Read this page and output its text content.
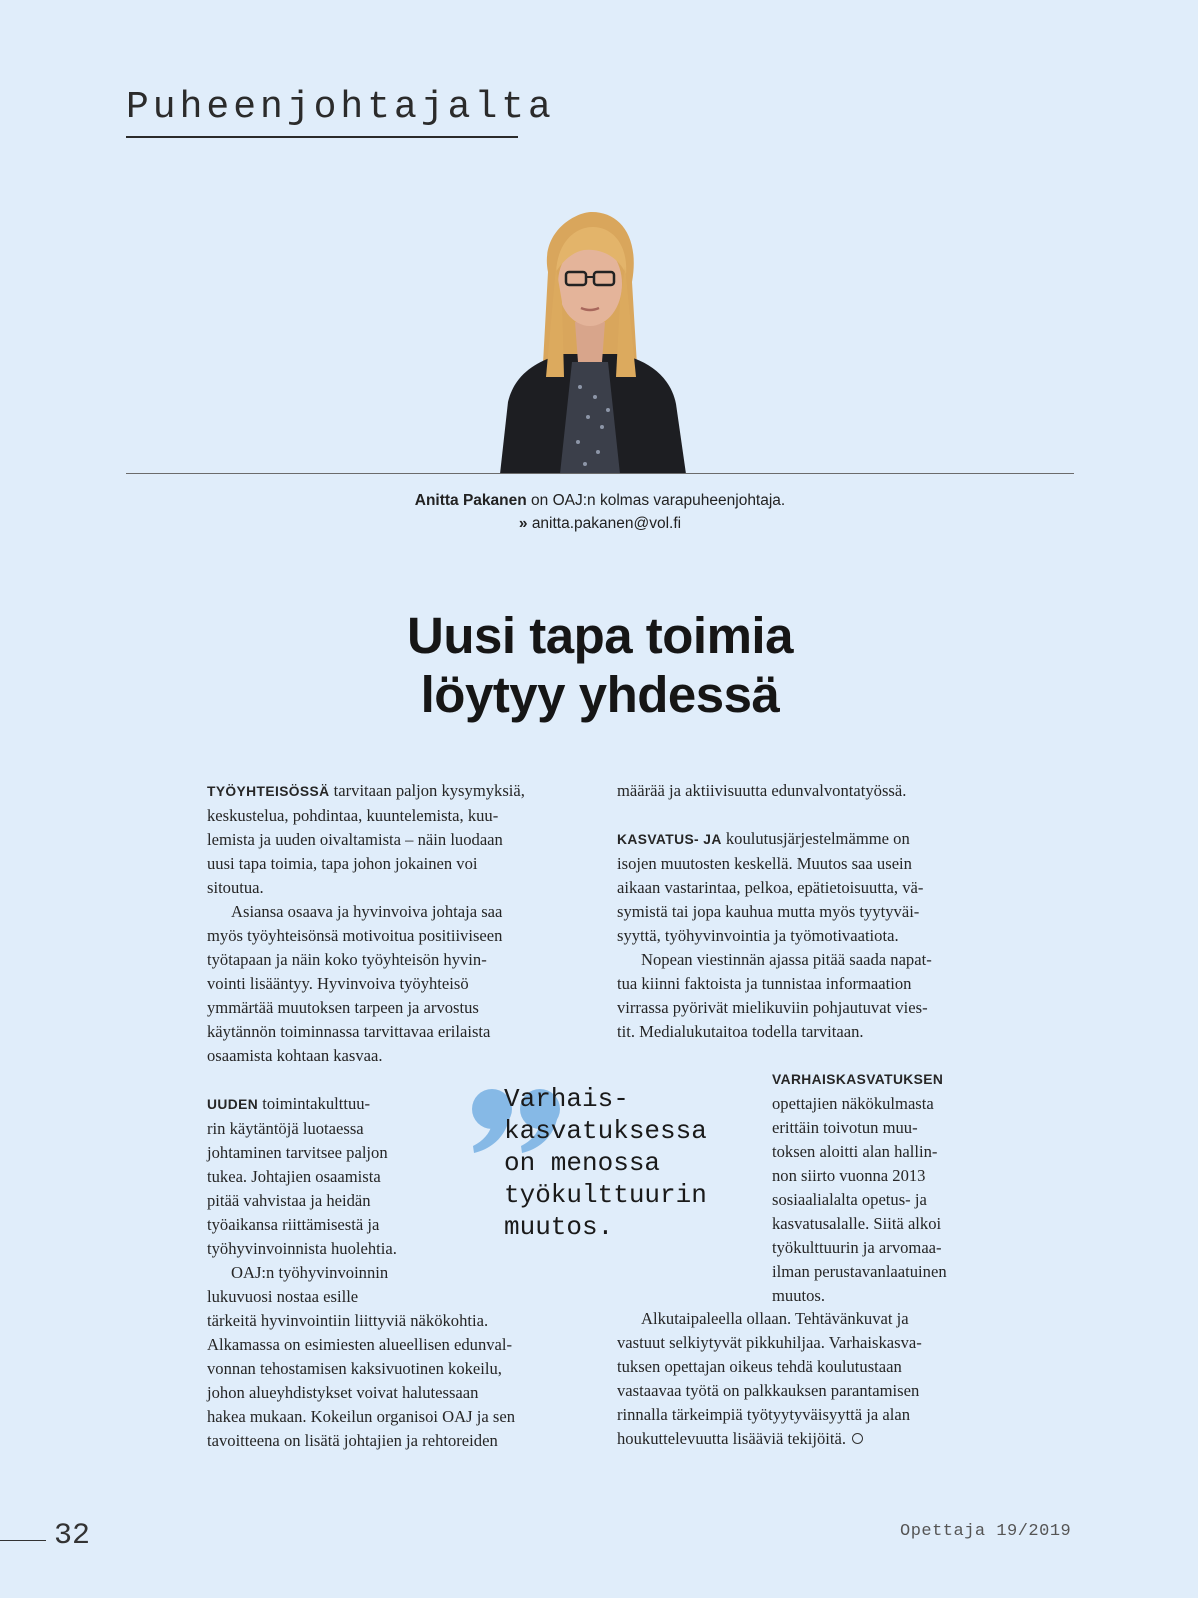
Puheenjohtajalta
Anitta Pakanen on OAJ:n kolmas varapuheenjohtaja.
» anitta.pakanen@vol.fi
Uusi tapa toimia
löytyy yhdessä

TYÖYHTEISÖSSÄ tarvitaan paljon kysymyksiä,

keskustelua, pohdintaa, kuuntelemista, kuu-

lemista ja uuden oivaltamista – näin luodaan

uusi tapa toimia, tapa johon jokainen voi

sitoutua.

Asiansa osaava ja hyvinvoiva johtaja saa

myös työyhteisönsä motivoitua positiiviseen

työtapaan ja näin koko työyhteisön hyvin-

vointi lisääntyy. Hyvinvoiva työyhteisö

ymmärtää muutoksen tarpeen ja arvostus

käytännön toiminnassa tarvittavaa erilaista

osaamista kohtaan kasvaa.

UUDEN toimintakulttuu-

rin käytäntöjä luotaessa

johtaminen tarvitsee paljon

tukea. Johtajien osaamista

pitää vahvistaa ja heidän

työaikansa riittämisestä ja

työhyvinvoinnista huolehtia.

OAJ:n työhyvinvoinnin

lukuvuosi nostaa esille

tärkeitä hyvinvointiin liittyviä näkökohtia.

Alkamassa on esimiesten alueellisen edunval-

vonnan tehostamisen kaksivuotinen kokeilu,

johon alueyhdistykset voivat halutessaan

hakea mukaan. Kokeilun organisoi OAJ ja sen

tavoitteena on lisätä johtajien ja rehtoreiden

määrää ja aktiivisuutta edunvalvontatyössä.

KASVATUS- JA koulutusjärjestelmämme on

isojen muutosten keskellä. Muutos saa usein

aikaan vastarintaa, pelkoa, epätietoisuutta, vä-

symistä tai jopa kauhua mutta myös tyytyväi-

syyttä, työhyvinvointia ja työmotivaatiota.

Nopean viestinnän ajassa pitää saada napat-

tua kiinni faktoista ja tunnistaa informaation

virrassa pyörivät mielikuviin pohjautuvat vies-

tit. Medialukutaitoa todella tarvitaan.

VARHAISKASVATUKSEN

opettajien näkökulmasta

erittäin toivotun muu-

toksen aloitti alan hallin-

non siirto vuonna 2013

sosiaalialalta opetus- ja

kasvatusalalle. Siitä alkoi

työkulttuurin ja arvomaa-

ilman perustavanlaatuinen

muutos.

Alkutaipaleella ollaan. Tehtävänkuvat ja

vastuut selkiytyvät pikkuhiljaa. Varhaiskasva-

tuksen opettajan oikeus tehdä koulutustaan

vastaavaa työtä on palkkauksen parantamisen

rinnalla tärkeimpiä työtyytyväisyyttä ja alan

houkuttelevuutta lisääviä tekijöitä.

Varhais-
kasvatuksessa
on menossa
työkulttuurin
muutos.
32	Opettaja 19/2019
